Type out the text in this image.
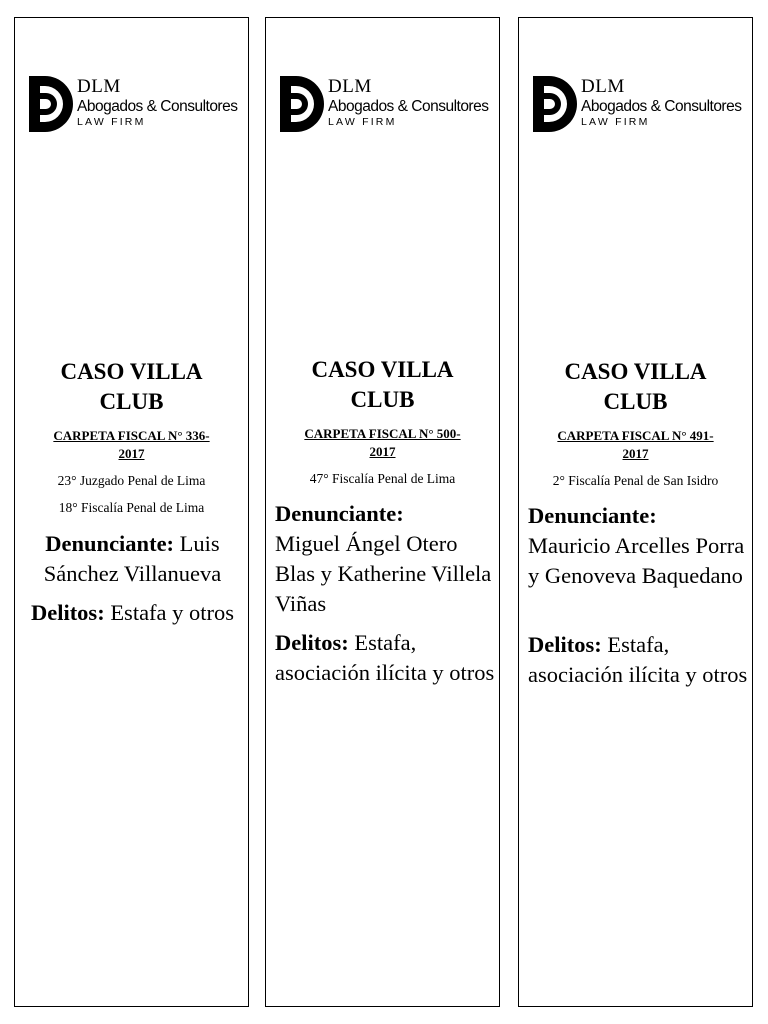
DLM
Abogados & Consultores
LAW FIRM
CASO VILLA
CLUB
CARPETA FISCAL N° 336-
2017
23° Juzgado Penal de Lima
18° Fiscalía Penal de Lima
Denunciante: Luis Sánchez Villanueva
Delitos: Estafa y otros
DLM
Abogados & Consultores
LAW FIRM
CASO VILLA
CLUB
CARPETA FISCAL N° 500-
2017
47° Fiscalía Penal de Lima
Denunciante:
Miguel Ángel Otero Blas y Katherine Villela Viñas
Delitos: Estafa, asociación ilícita y otros
DLM
Abogados & Consultores
LAW FIRM
CASO VILLA
CLUB
CARPETA FISCAL N° 491-
2017
2° Fiscalía Penal de San Isidro
Denunciante:
Mauricio Arcelles Porra y Genoveva Baquedano
Delitos: Estafa, asociación ilícita y otros
